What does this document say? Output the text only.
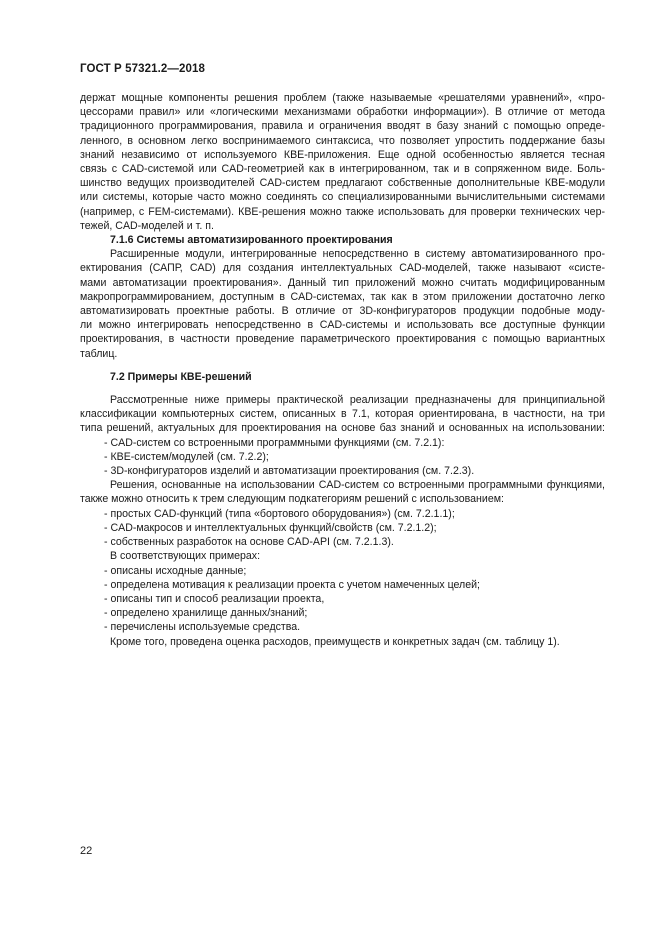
ГОСТ Р 57321.2—2018
держат мощные компоненты решения проблем (также называемые «решателями уравнений», «про-
цессорами правил» или «логическими механизмами обработки информации»). В отличие от метода
традиционного программирования, правила и ограничения вводят в базу знаний с помощью опреде-
ленного, в основном легко воспринимаемого синтаксиса, что позволяет упростить поддержание базы
знаний независимо от используемого КВЕ-приложения. Еще одной особенностью является тесная
связь с CAD-системой или CAD-геометрией как в интегрированном, так и в сопряженном виде. Боль-
шинство ведущих производителей CAD-систем предлагают собственные дополнительные КВЕ-модули
или системы, которые часто можно соединять со специализированными вычислительными системами
(например, с FEM-системами). КВЕ-решения можно также использовать для проверки технических чер-
тежей, CAD-моделей и т. п.
7.1.6 Системы автоматизированного проектирования
Расширенные модули, интегрированные непосредственно в систему автоматизированного про-
ектирования (САПР, CAD) для создания интеллектуальных CAD-моделей, также называют «систе-
мами автоматизации проектирования». Данный тип приложений можно считать модифицированным
макропрограммированием, доступным в CAD-системах, так как в этом приложении достаточно легко
автоматизировать проектные работы. В отличие от 3D-конфигураторов продукции подобные моду-
ли можно интегрировать непосредственно в CAD-системы и использовать все доступные функции
проектирования, в частности проведение параметрического проектирования с помощью вариантных
таблиц.
7.2 Примеры КВЕ-решений
Рассмотренные ниже примеры практической реализации предназначены для принципиальной
классификации компьютерных систем, описанных в 7.1, которая ориентирована, в частности, на три
типа решений, актуальных для проектирования на основе баз знаний и основанных на использовании:
- CAD-систем со встроенными программными функциями (см. 7.2.1):
- КВЕ-систем/модулей (см. 7.2.2);
- 3D-конфигураторов изделий и автоматизации проектирования (см. 7.2.3).
Решения, основанные на использовании CAD-систем со встроенными программными функциями,
также можно относить к трем следующим подкатегориям решений с использованием:
- простых CAD-функций (типа «бортового оборудования») (см. 7.2.1.1);
- CAD-макросов и интеллектуальных функций/свойств (см. 7.2.1.2);
- собственных разработок на основе CAD-API (см. 7.2.1.3).
В соответствующих примерах:
- описаны исходные данные;
- определена мотивация к реализации проекта с учетом намеченных целей;
- описаны тип и способ реализации проекта,
- определено хранилище данных/знаний;
- перечислены используемые средства.
Кроме того, проведена оценка расходов, преимуществ и конкретных задач (см. таблицу 1).
22
